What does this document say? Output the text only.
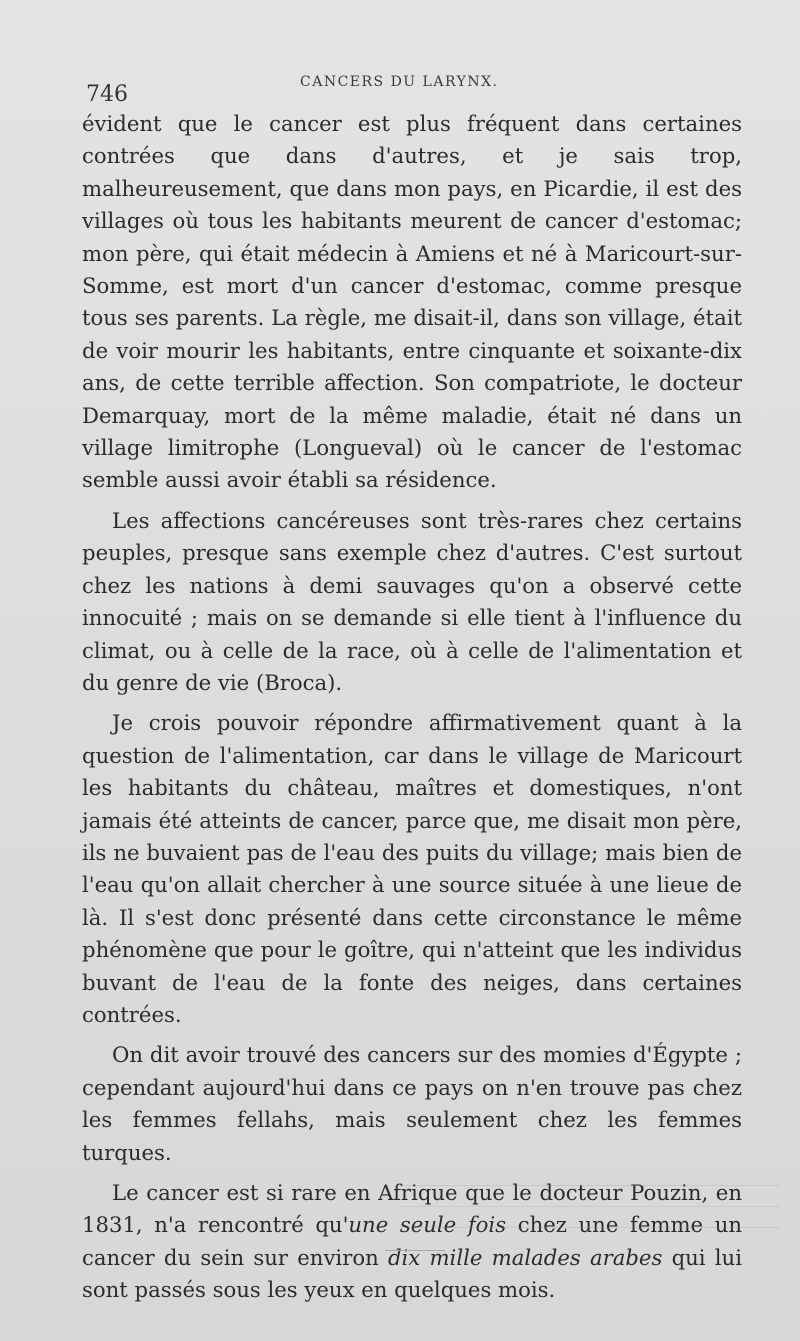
746	CANCERS DU LARYNX.

évident que le cancer est plus fréquent dans certaines contrées que dans d'autres, et je sais trop, malheureusement, que dans mon pays, en Picardie, il est des villages où tous les habitants meurent de cancer d'estomac; mon père, qui était médecin à Amiens et né à Maricourt-sur-Somme, est mort d'un cancer d'estomac, comme presque tous ses parents. La règle, me disait-il, dans son village, était de voir mourir les habitants, entre cinquante et soixante-dix ans, de cette terrible affection. Son compatriote, le docteur Demarquay, mort de la même maladie, était né dans un village limitrophe (Longueval) où le cancer de l'estomac semble aussi avoir établi sa résidence.

Les affections cancéreuses sont très-rares chez certains peuples, presque sans exemple chez d'autres. C'est surtout chez les nations à demi sauvages qu'on a observé cette innocuité ; mais on se demande si elle tient à l'influence du climat, ou à celle de la race, où à celle de l'alimentation et du genre de vie (Broca).

Je crois pouvoir répondre affirmativement quant à la question de l'alimentation, car dans le village de Maricourt les habitants du château, maîtres et domestiques, n'ont jamais été atteints de cancer, parce que, me disait mon père, ils ne buvaient pas de l'eau des puits du village; mais bien de l'eau qu'on allait chercher à une source située à une lieue de là. Il s'est donc présenté dans cette circonstance le même phénomène que pour le goître, qui n'atteint que les individus buvant de l'eau de la fonte des neiges, dans certaines contrées.

On dit avoir trouvé des cancers sur des momies d'Égypte ; cependant aujourd'hui dans ce pays on n'en trouve pas chez les femmes fellahs, mais seulement chez les femmes turques.

Le cancer est si rare en Afrique que le docteur Pouzin, en 1831, n'a rencontré qu'une seule fois chez une femme un cancer du sein sur environ dix mille malades arabes qui lui sont passés sous les yeux en quelques mois.
